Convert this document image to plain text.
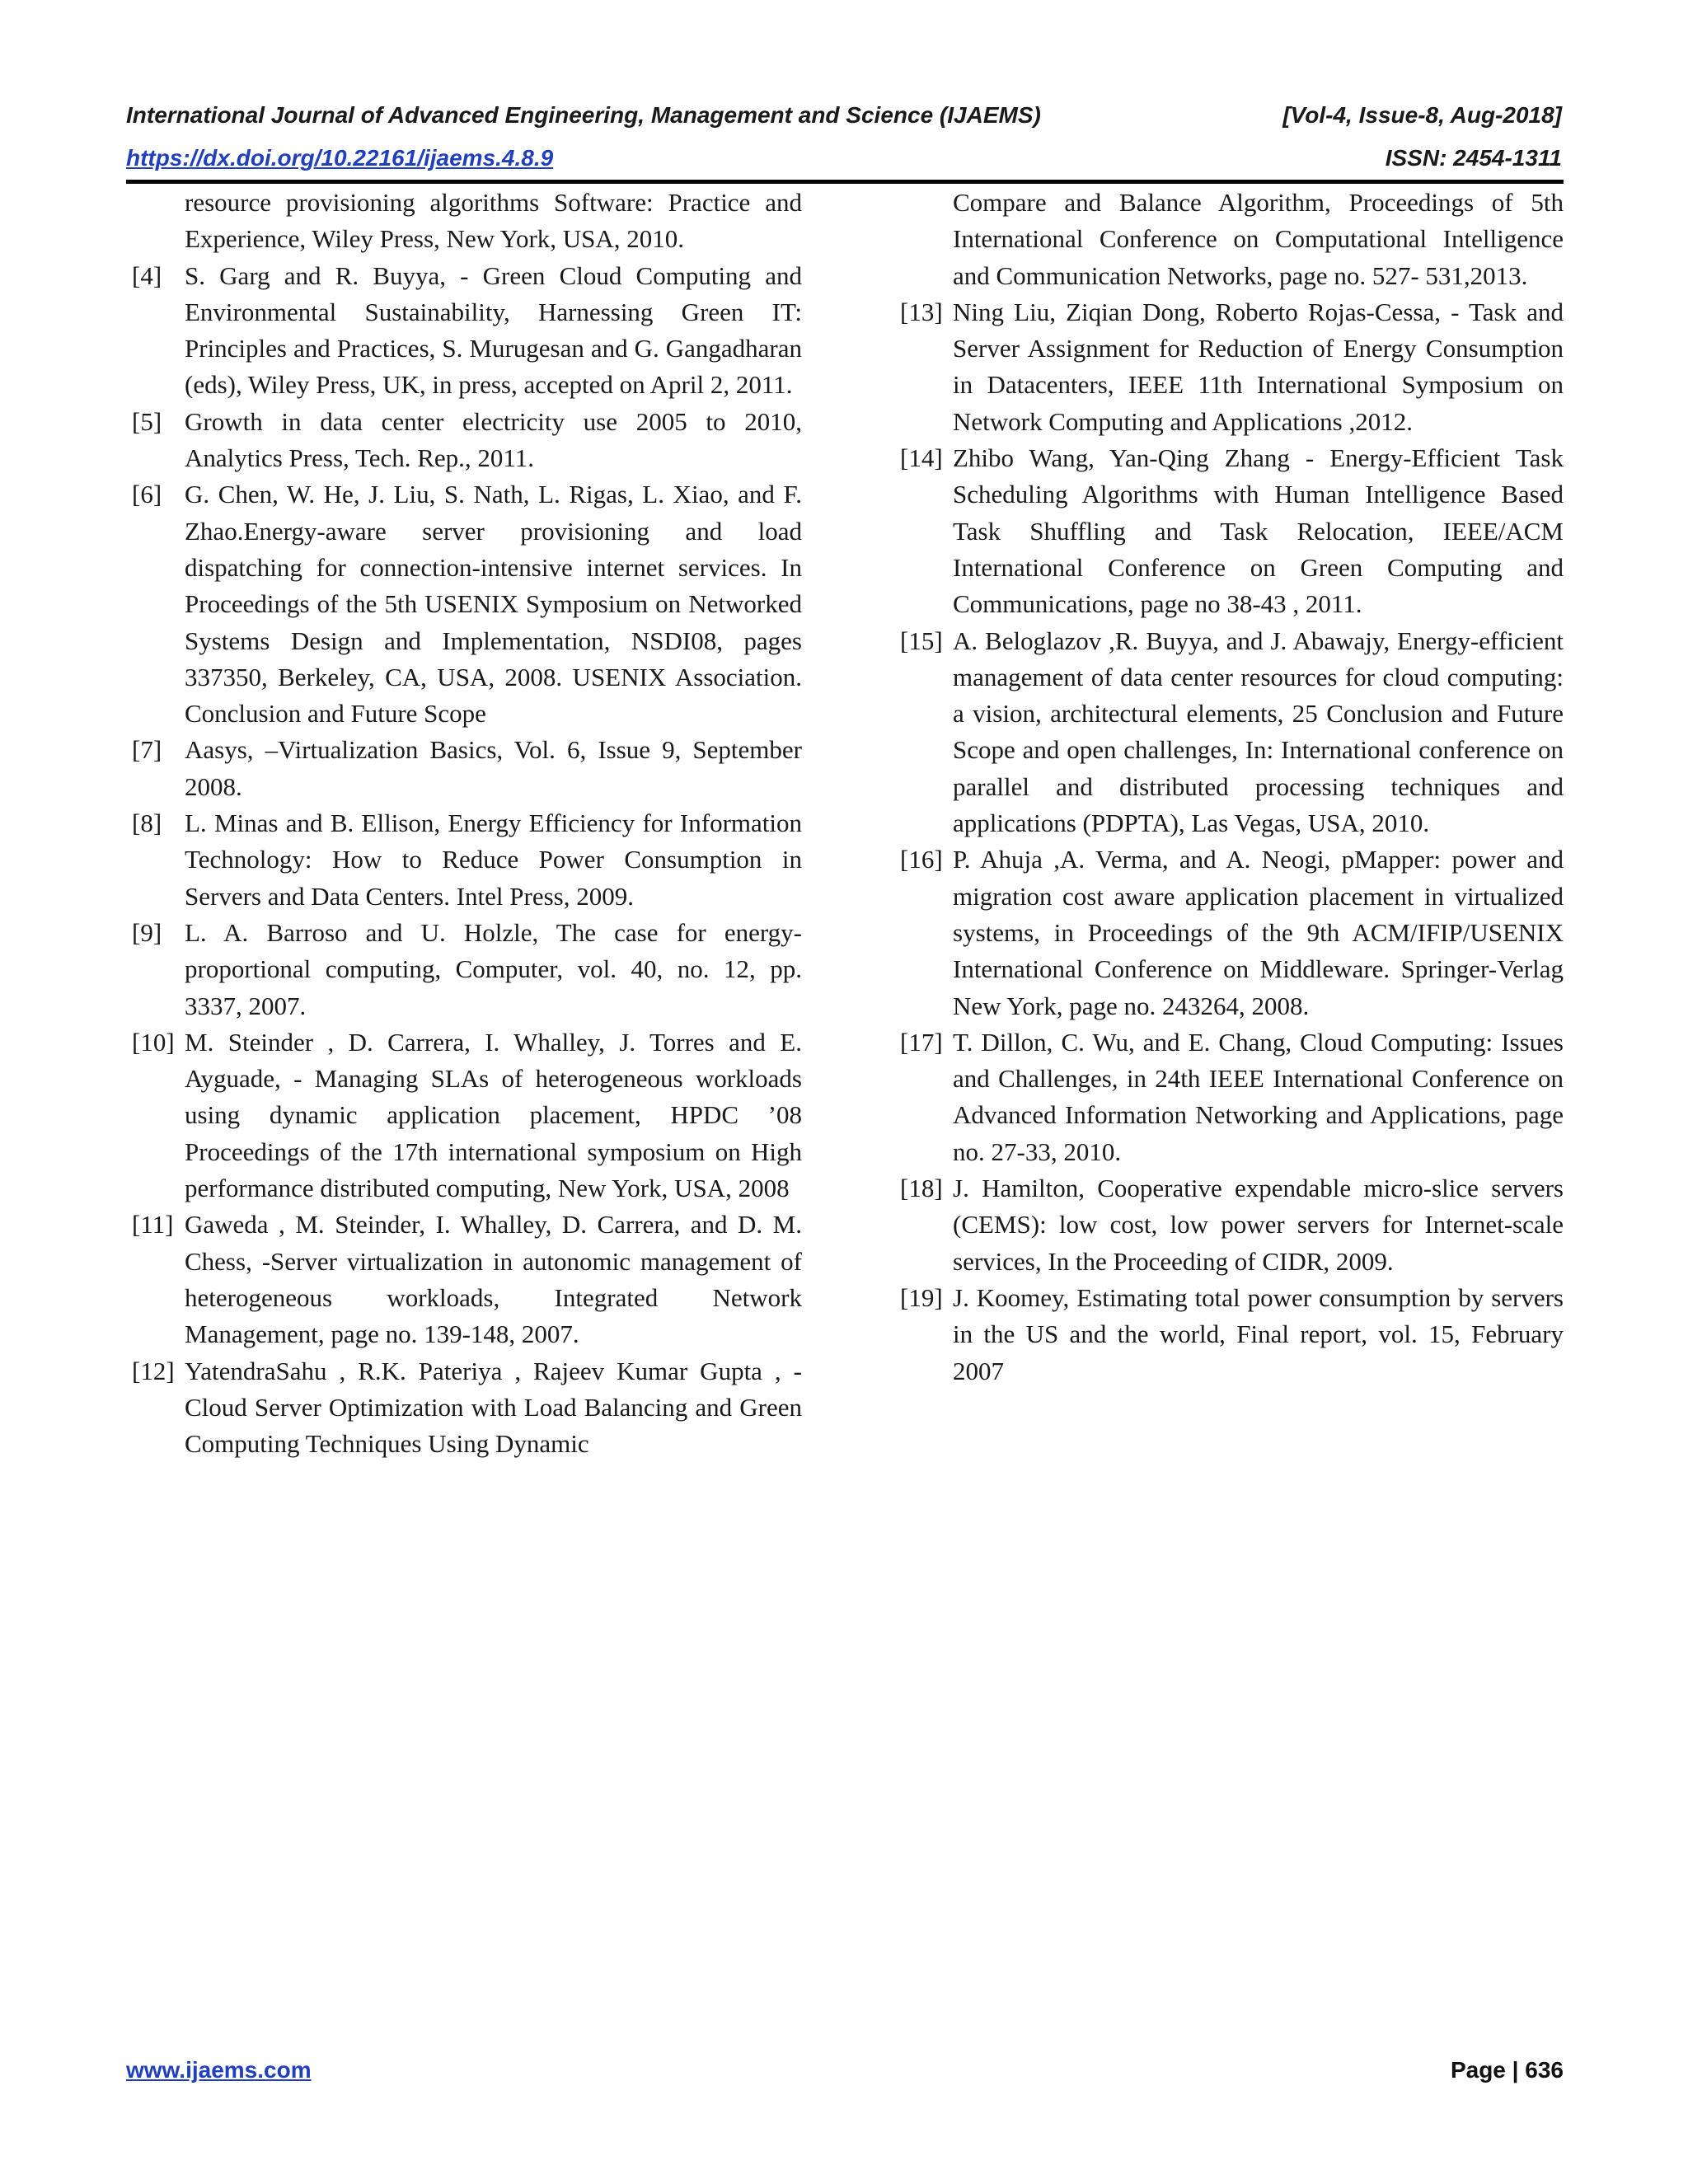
International Journal of Advanced Engineering, Management and Science (IJAEMS)	[Vol-4, Issue-8, Aug-2018]
https://dx.doi.org/10.22161/ijaems.4.8.9	ISSN: 2454-1311
resource provisioning algorithms Software: Practice and Experience, Wiley Press, New York, USA, 2010.
[4] S. Garg and R. Buyya, - Green Cloud Computing and Environmental Sustainability, Harnessing Green IT: Principles and Practices, S. Murugesan and G. Gangadharan (eds), Wiley Press, UK, in press, accepted on April 2, 2011.
[5] Growth in data center electricity use 2005 to 2010, Analytics Press, Tech. Rep., 2011.
[6] G. Chen, W. He, J. Liu, S. Nath, L. Rigas, L. Xiao, and F. Zhao.Energy-aware server provisioning and load dispatching for connection-intensive internet services. In Proceedings of the 5th USENIX Symposium on Networked Systems Design and Implementation, NSDI08, pages 337350, Berkeley, CA, USA, 2008. USENIX Association. Conclusion and Future Scope
[7] Aasys, –Virtualization Basics, Vol. 6, Issue 9, September 2008.
[8] L. Minas and B. Ellison, Energy Efficiency for Information Technology: How to Reduce Power Consumption in Servers and Data Centers. Intel Press, 2009.
[9] L. A. Barroso and U. Holzle, The case for energy-proportional computing, Computer, vol. 40, no. 12, pp. 3337, 2007.
[10] M. Steinder , D. Carrera, I. Whalley, J. Torres and E. Ayguade, - Managing SLAs of heterogeneous workloads using dynamic application placement, HPDC ’08 Proceedings of the 17th international symposium on High performance distributed computing, New York, USA, 2008
[11] Gaweda , M. Steinder, I. Whalley, D. Carrera, and D. M. Chess, -Server virtualization in autonomic management of heterogeneous workloads, Integrated Network Management, page no. 139-148, 2007.
[12] YatendraSahu , R.K. Pateriya , Rajeev Kumar Gupta , - Cloud Server Optimization with Load Balancing and Green Computing Techniques Using Dynamic
Compare and Balance Algorithm, Proceedings of 5th International Conference on Computational Intelligence and Communication Networks, page no. 527- 531,2013.
[13] Ning Liu, Ziqian Dong, Roberto Rojas-Cessa, - Task and Server Assignment for Reduction of Energy Consumption in Datacenters, IEEE 11th International Symposium on Network Computing and Applications ,2012.
[14] Zhibo Wang, Yan-Qing Zhang - Energy-Efficient Task Scheduling Algorithms with Human Intelligence Based Task Shuffling and Task Relocation, IEEE/ACM International Conference on Green Computing and Communications, page no 38-43 , 2011.
[15] A. Beloglazov ,R. Buyya, and J. Abawajy, Energy-efficient management of data center resources for cloud computing: a vision, architectural elements, 25 Conclusion and Future Scope and open challenges, In: International conference on parallel and distributed processing techniques and applications (PDPTA), Las Vegas, USA, 2010.
[16] P. Ahuja ,A. Verma, and A. Neogi, pMapper: power and migration cost aware application placement in virtualized systems, in Proceedings of the 9th ACM/IFIP/USENIX International Conference on Middleware. Springer-Verlag New York, page no. 243264, 2008.
[17] T. Dillon, C. Wu, and E. Chang, Cloud Computing: Issues and Challenges, in 24th IEEE International Conference on Advanced Information Networking and Applications, page no. 27-33, 2010.
[18] J. Hamilton, Cooperative expendable micro-slice servers (CEMS): low cost, low power servers for Internet-scale services, In the Proceeding of CIDR, 2009.
[19] J. Koomey, Estimating total power consumption by servers in the US and the world, Final report, vol. 15, February 2007
www.ijaems.com	Page | 636
